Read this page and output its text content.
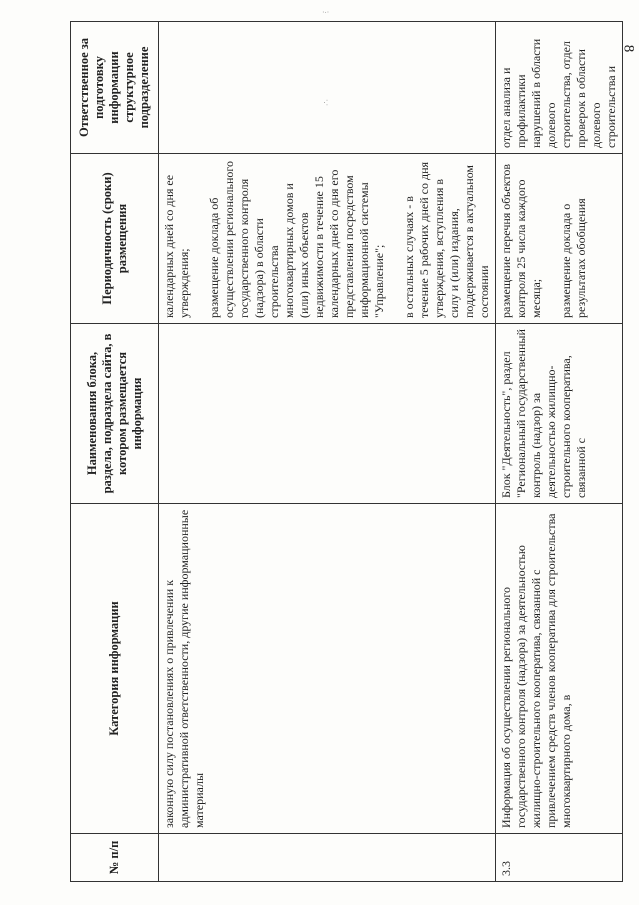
8
·∙·
·.·
№ п/п	Категория информации	Наименования блока, раздела, подраздела сайта, в котором размещается информация	Периодичность (сроки) размещения	Ответственное за подготовку информации структурное подразделение
	законную силу постановлениях о привлечении к административной ответственности, другие информационные материалы		календарных дней со дня ее утверждения; размещение доклада об осуществлении регионального государственного контроля (надзора) в области строительства многоквартирных домов и (или) иных объектов недвижимости в течение 15 календарных дней со дня его представления посредством информационной системы "Управление"; в остальных случаях - в течение 5 рабочих дней со дня утверждения, вступления в силу и (или) издания, поддерживается в актуальном состоянии	

3.3	Информация об осуществлении регионального государственного контроля (надзора) за деятельностью жилищно-строительного кооператива, связанной с привлечением средств членов кооператива для строительства многоквартирного дома, в	Блок "Деятельность", раздел "Региональный государственный контроль (надзор) за деятельностью жилищно-строительного кооператива, связанной с	размещение перечня объектов контроля 25 числа каждого месяца; размещение доклада о результатах обобщения	отдел анализа и профилактики нарушений в области долевого строительства, отдел проверок в области долевого строительства и
